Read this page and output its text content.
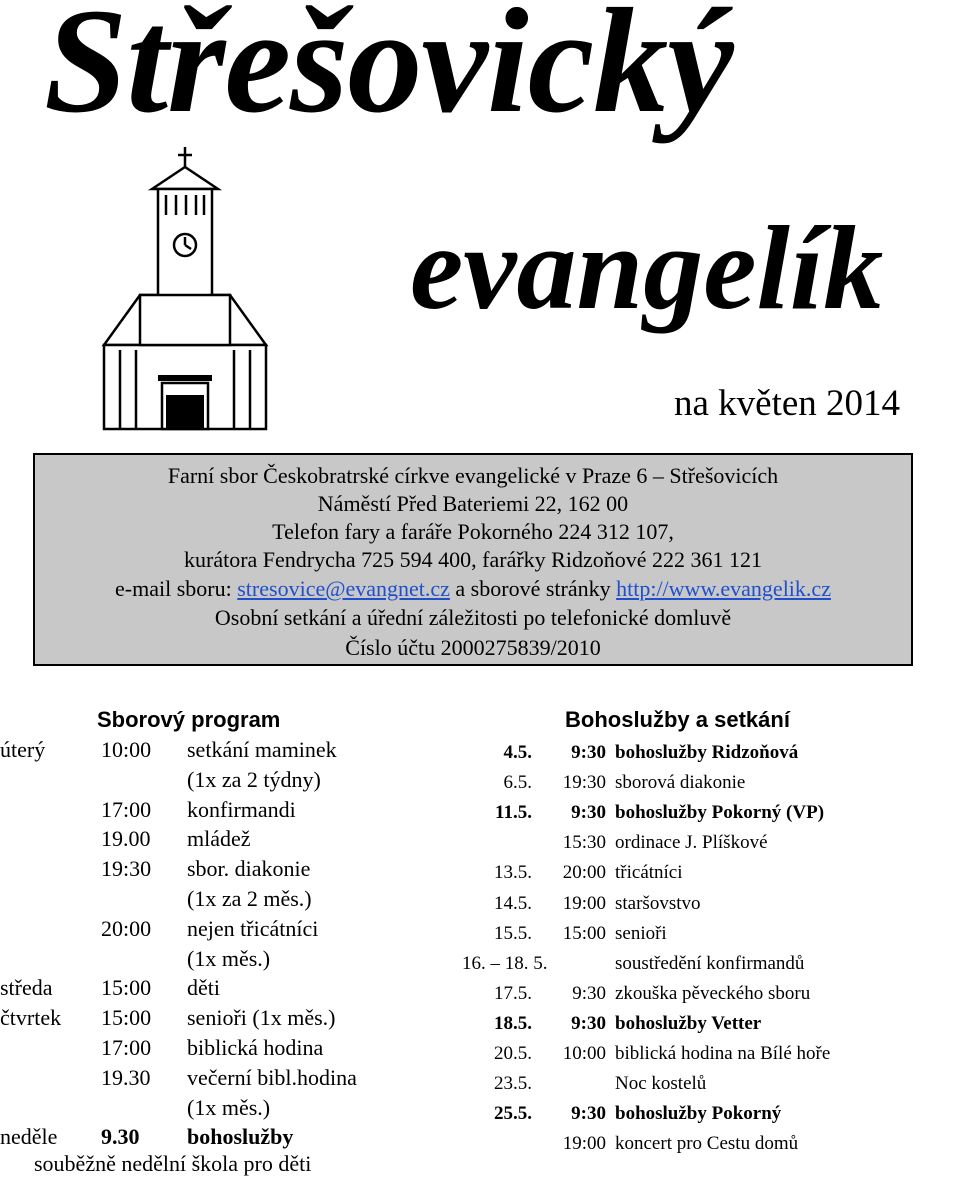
Střešovický
evangelík
na květen 2014
Farní sbor Českobratrské církve evangelické v Praze 6 – Střešovicích
Náměstí Před Bateriemi 22, 162 00
Telefon fary a faráře Pokorného 224 312 107,
kurátora Fendrycha 725 594 400, farářky Ridzoňové 222 361 121
e-mail sboru: stresovice@evangnet.cz a sborové stránky http://www.evangelik.cz
Osobní setkání a úřední záležitosti po telefonické domluvě
Číslo účtu 2000275839/2010
Sborový program	Bohoslužby a setkání
úterý	10:00 setkání maminek
(1x za 2 týdny)
17:00 konfirmandi
19.00 mládež
19:30 sbor. diakonie
(1x za 2 měs.)
20:00 nejen třicátníci
(1x měs.)
středa 15:00 děti
čtvrtek 15:00 senioři (1x měs.)
17:00 biblická hodina
19.30 večerní bibl.hodina
(1x měs.)
neděle 9.30 bohoslužby
souběžně nedělní škola pro děti
4.5.	9:30 bohoslužby Ridzoňová
6.5.	19:30 sborová diakonie
11.5.	9:30 bohoslužby Pokorný (VP)
15:30 ordinace J. Plíškové
13.5.	20:00 třicátníci
14.5.	19:00 staršovstvo
15.5.	15:00 senioři
16. – 18. 5.	soustředění konfirmandů
17.5.	9:30 zkouška pěveckého sboru
18.5.	9:30 bohoslužby Vetter
20.5.	10:00 biblická hodina na Bílé hoře
23.5.	Noc kostelů
25.5.	9:30 bohoslužby Pokorný
19:00 koncert pro Cestu domů
